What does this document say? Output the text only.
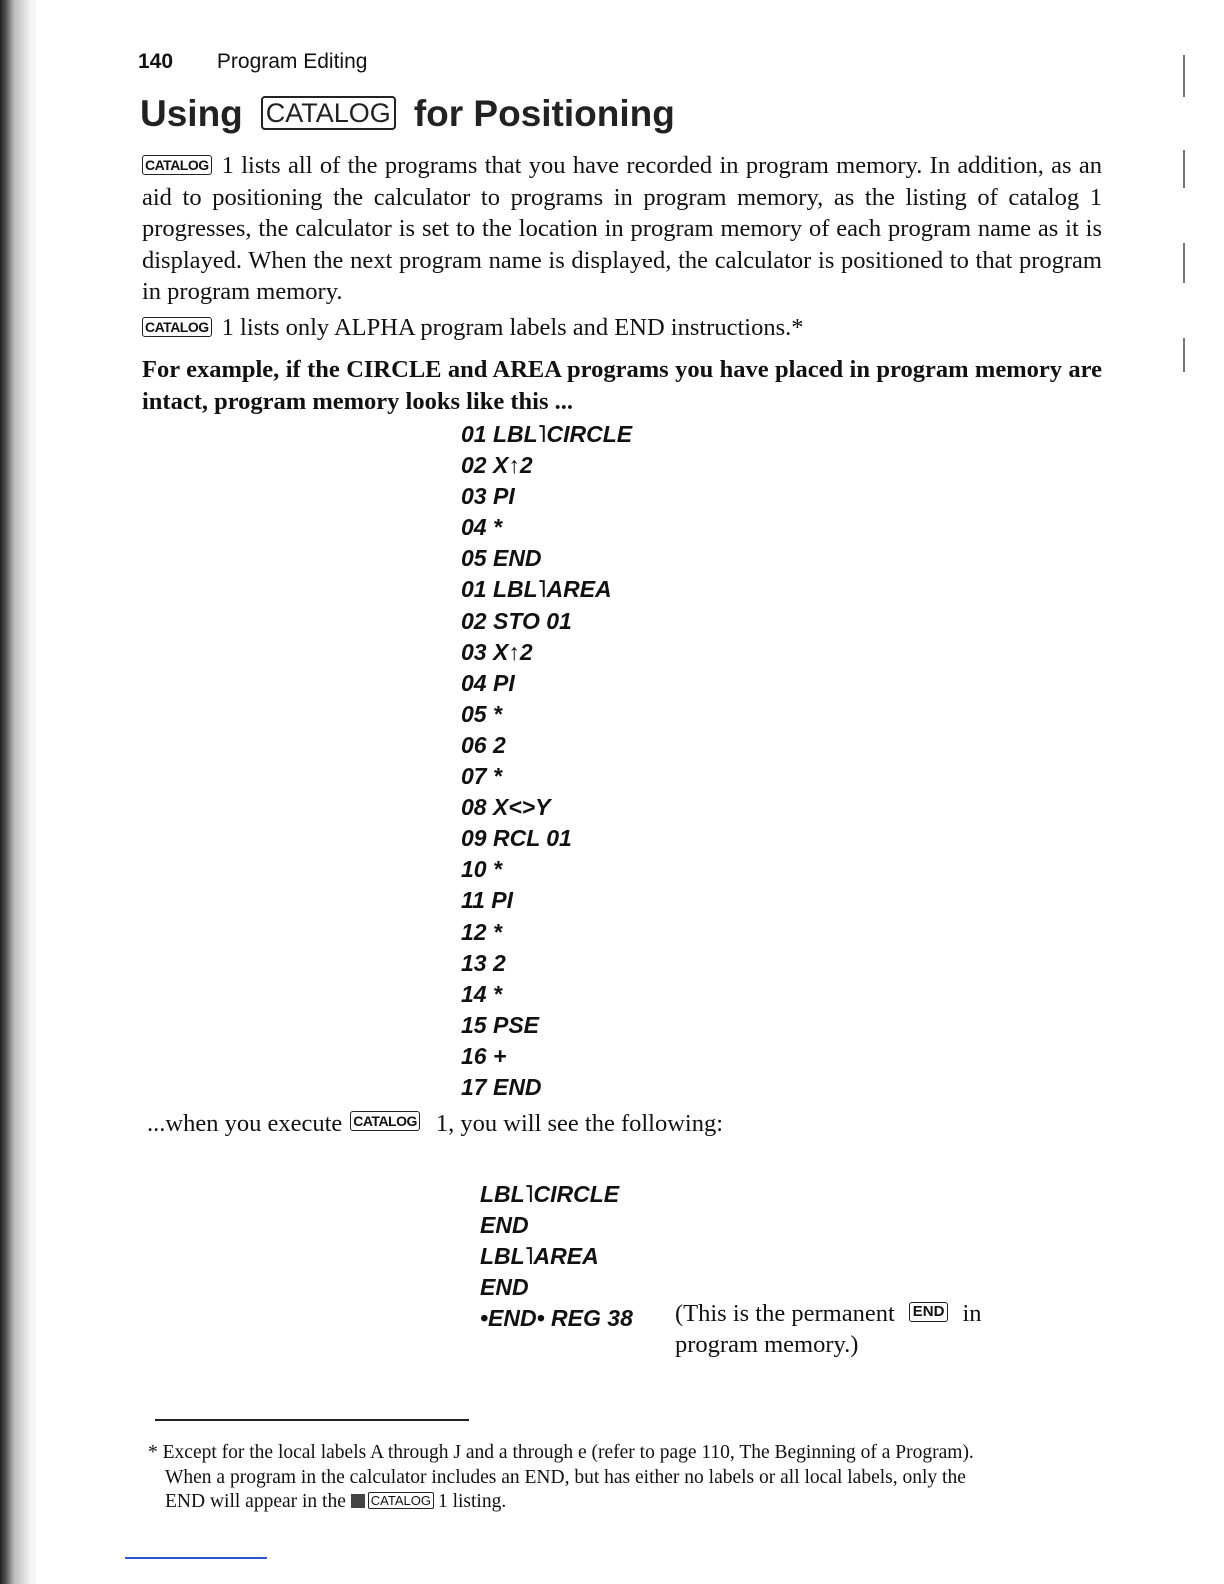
140 Program Editing
Using CATALOG for Positioning
CATALOG 1 lists all of the programs that you have recorded in program memory. In addition, as an aid to positioning the calculator to programs in program memory, as the listing of catalog 1 progresses, the calculator is set to the location in program memory of each program name as it is displayed. When the next program name is displayed, the calculator is positioned to that program in program memory.
CATALOG 1 lists only ALPHA program labels and END instructions.*
For example, if the CIRCLE and AREA programs you have placed in program memory are intact, program memory looks like this ...
01 LBL˥CIRCLE
02 X↑2
03 PI
04 *
05 END
01 LBL˥AREA
02 STO 01
03 X↑2
04 PI
05 *
06 2
07 *
08 X<>Y
09 RCL 01
10 *
11 PI
12 *
13 2
14 *
15 PSE
16 +
17 END
...when you execute CATALOG 1, you will see the following:
LBL˥CIRCLE
END
LBL˥AREA
END
•END• REG 38 (This is the permanent END in
program memory.)
* Except for the local labels A through J and a through e (refer to page 110, The Beginning of a Program).
When a program in the calculator includes an END, but has either no labels or all local labels, only the
END will appear in the CATALOG 1 listing.
